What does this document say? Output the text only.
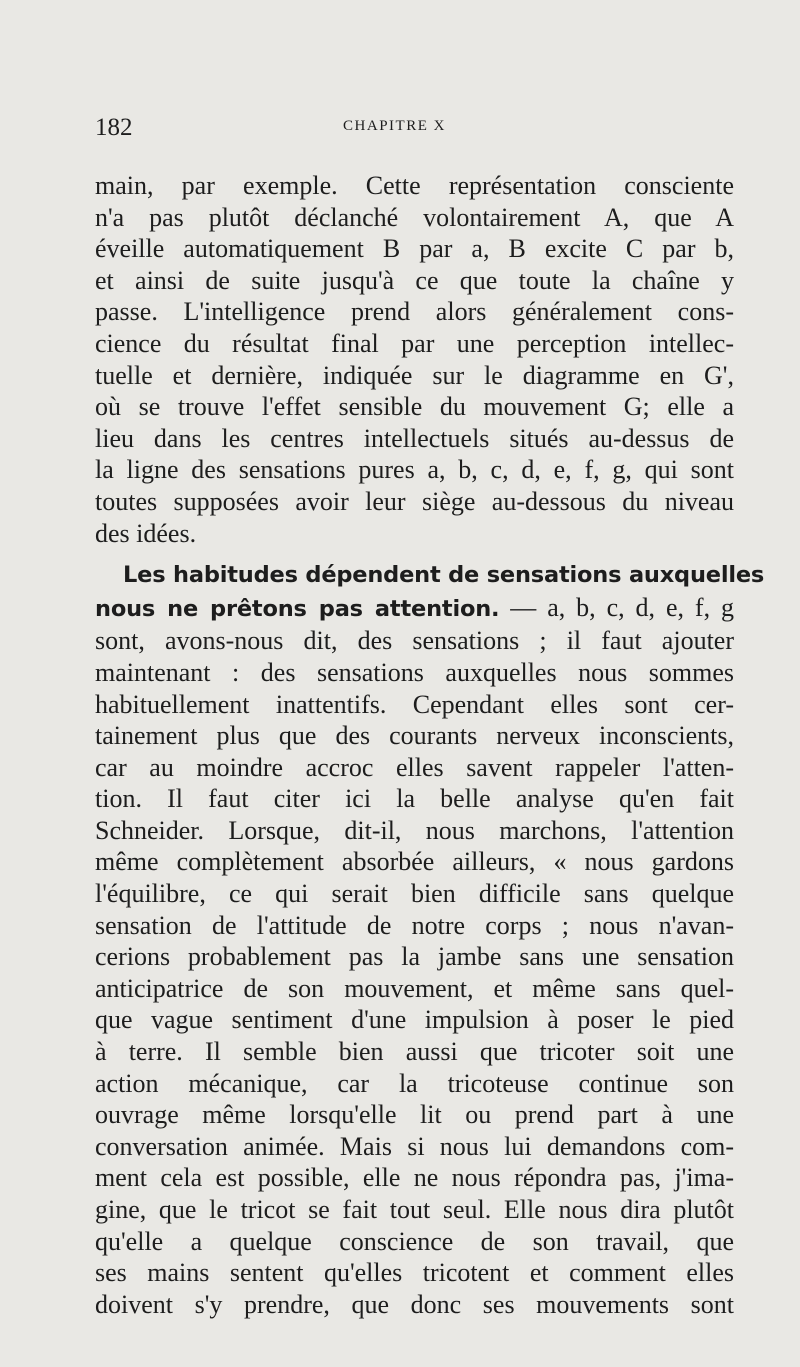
182	CHAPITRE X
main, par exemple. Cette représentation consciente
n'a pas plutôt déclanché volontairement A, que A
éveille automatiquement B par a, B excite C par b,
et ainsi de suite jusqu'à ce que toute la chaîne y
passe. L'intelligence prend alors généralement cons-
cience du résultat final par une perception intellec-
tuelle et dernière, indiquée sur le diagramme en G',
où se trouve l'effet sensible du mouvement G; elle a
lieu dans les centres intellectuels situés au-dessus de
la ligne des sensations pures a, b, c, d, e, f, g, qui sont
toutes supposées avoir leur siège au-dessous du niveau
des idées.
Les habitudes dépendent de sensations auxquelles
nous ne prêtons pas attention. — a, b, c, d, e, f, g
sont, avons-nous dit, des sensations ; il faut ajouter
maintenant : des sensations auxquelles nous sommes
habituellement inattentifs. Cependant elles sont cer-
tainement plus que des courants nerveux inconscients,
car au moindre accroc elles savent rappeler l'atten-
tion. Il faut citer ici la belle analyse qu'en fait
Schneider. Lorsque, dit-il, nous marchons, l'attention
même complètement absorbée ailleurs, « nous gardons
l'équilibre, ce qui serait bien difficile sans quelque
sensation de l'attitude de notre corps ; nous n'avan-
cerions probablement pas la jambe sans une sensation
anticipatrice de son mouvement, et même sans quel-
que vague sentiment d'une impulsion à poser le pied
à terre. Il semble bien aussi que tricoter soit une
action mécanique, car la tricoteuse continue son
ouvrage même lorsqu'elle lit ou prend part à une
conversation animée. Mais si nous lui demandons com-
ment cela est possible, elle ne nous répondra pas, j'ima-
gine, que le tricot se fait tout seul. Elle nous dira plutôt
qu'elle a quelque conscience de son travail, que
ses mains sentent qu'elles tricotent et comment elles
doivent s'y prendre, que donc ses mouvements sont
